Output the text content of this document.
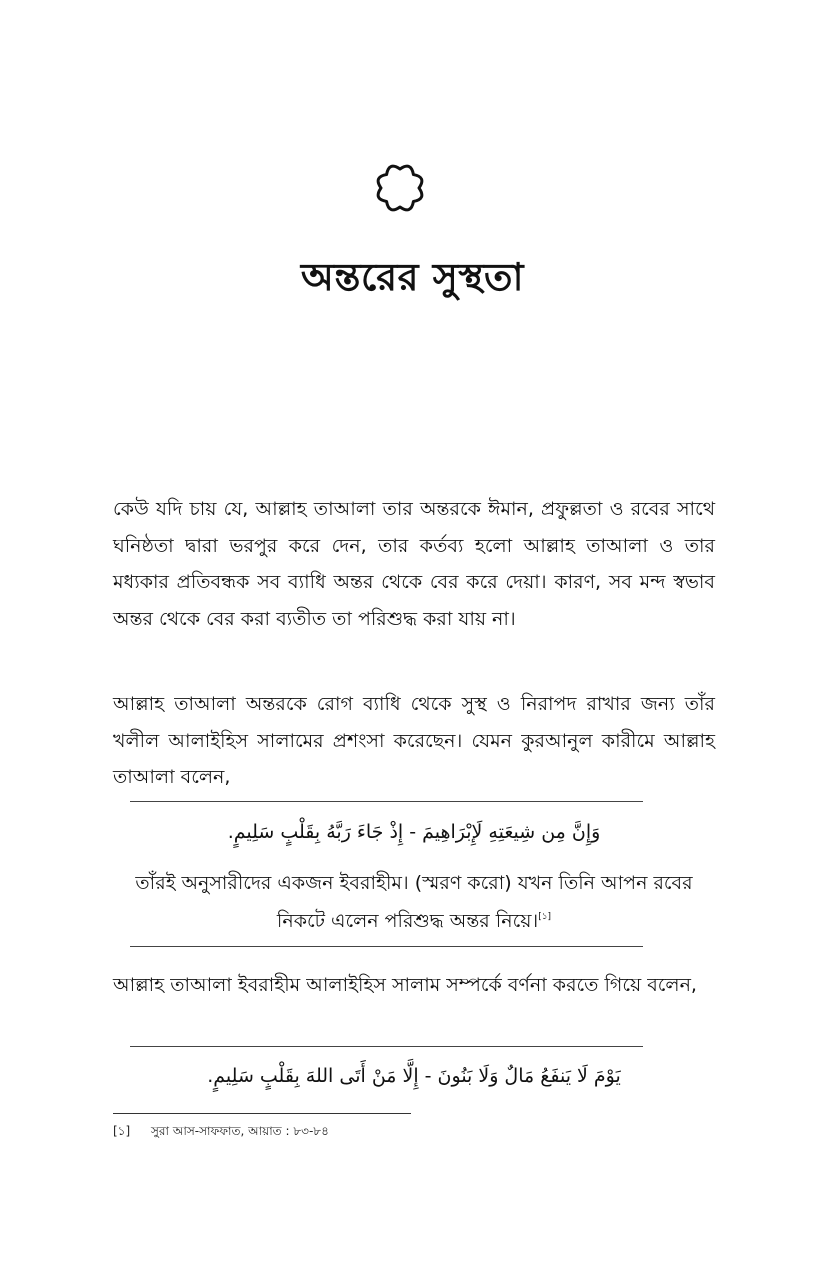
অন্তরের সুস্থতা

কেউ যদি চায় যে, আল্লাহ তাআলা তার অন্তরকে ঈমান, প্রফুল্লতা ও রবের সাথে ঘনিষ্ঠতা দ্বারা ভরপুর করে দেন, তার কর্তব্য হলো আল্লাহ তাআলা ও তার মধ্যকার প্রতিবন্ধক সব ব্যাধি অন্তর থেকে বের করে দেয়া। কারণ, সব মন্দ স্বভাব অন্তর থেকে বের করা ব্যতীত তা পরিশুদ্ধ করা যায় না।

আল্লাহ তাআলা অন্তরকে রোগ ব্যাধি থেকে সুস্থ ও নিরাপদ রাখার জন্য তাঁর খলীল আলাইহিস সালামের প্রশংসা করেছেন। যেমন কুরআনুল কারীমে আল্লাহ তাআলা বলেন,

وَإِنَّ مِن شِيعَتِهِ لَإِبْرَاهِيمَ - إِذْ جَاءَ رَبَّهُ بِقَلْبٍ سَلِيمٍ.
তাঁরই অনুসারীদের একজন ইবরাহীম। (স্মরণ করো) যখন তিনি আপন রবের নিকটে এলেন পরিশুদ্ধ অন্তর নিয়ে।[১]

আল্লাহ তাআলা ইবরাহীম আলাইহিস সালাম সম্পর্কে বর্ণনা করতে গিয়ে বলেন,

يَوْمَ لَا يَنفَعُ مَالٌ وَلَا بَنُونَ - إِلَّا مَنْ أَتَى اللهَ بِقَلْبٍ سَلِيمٍ.
[১] সুরা আস-সাফফাত, আয়াত : ৮৩-৮৪
